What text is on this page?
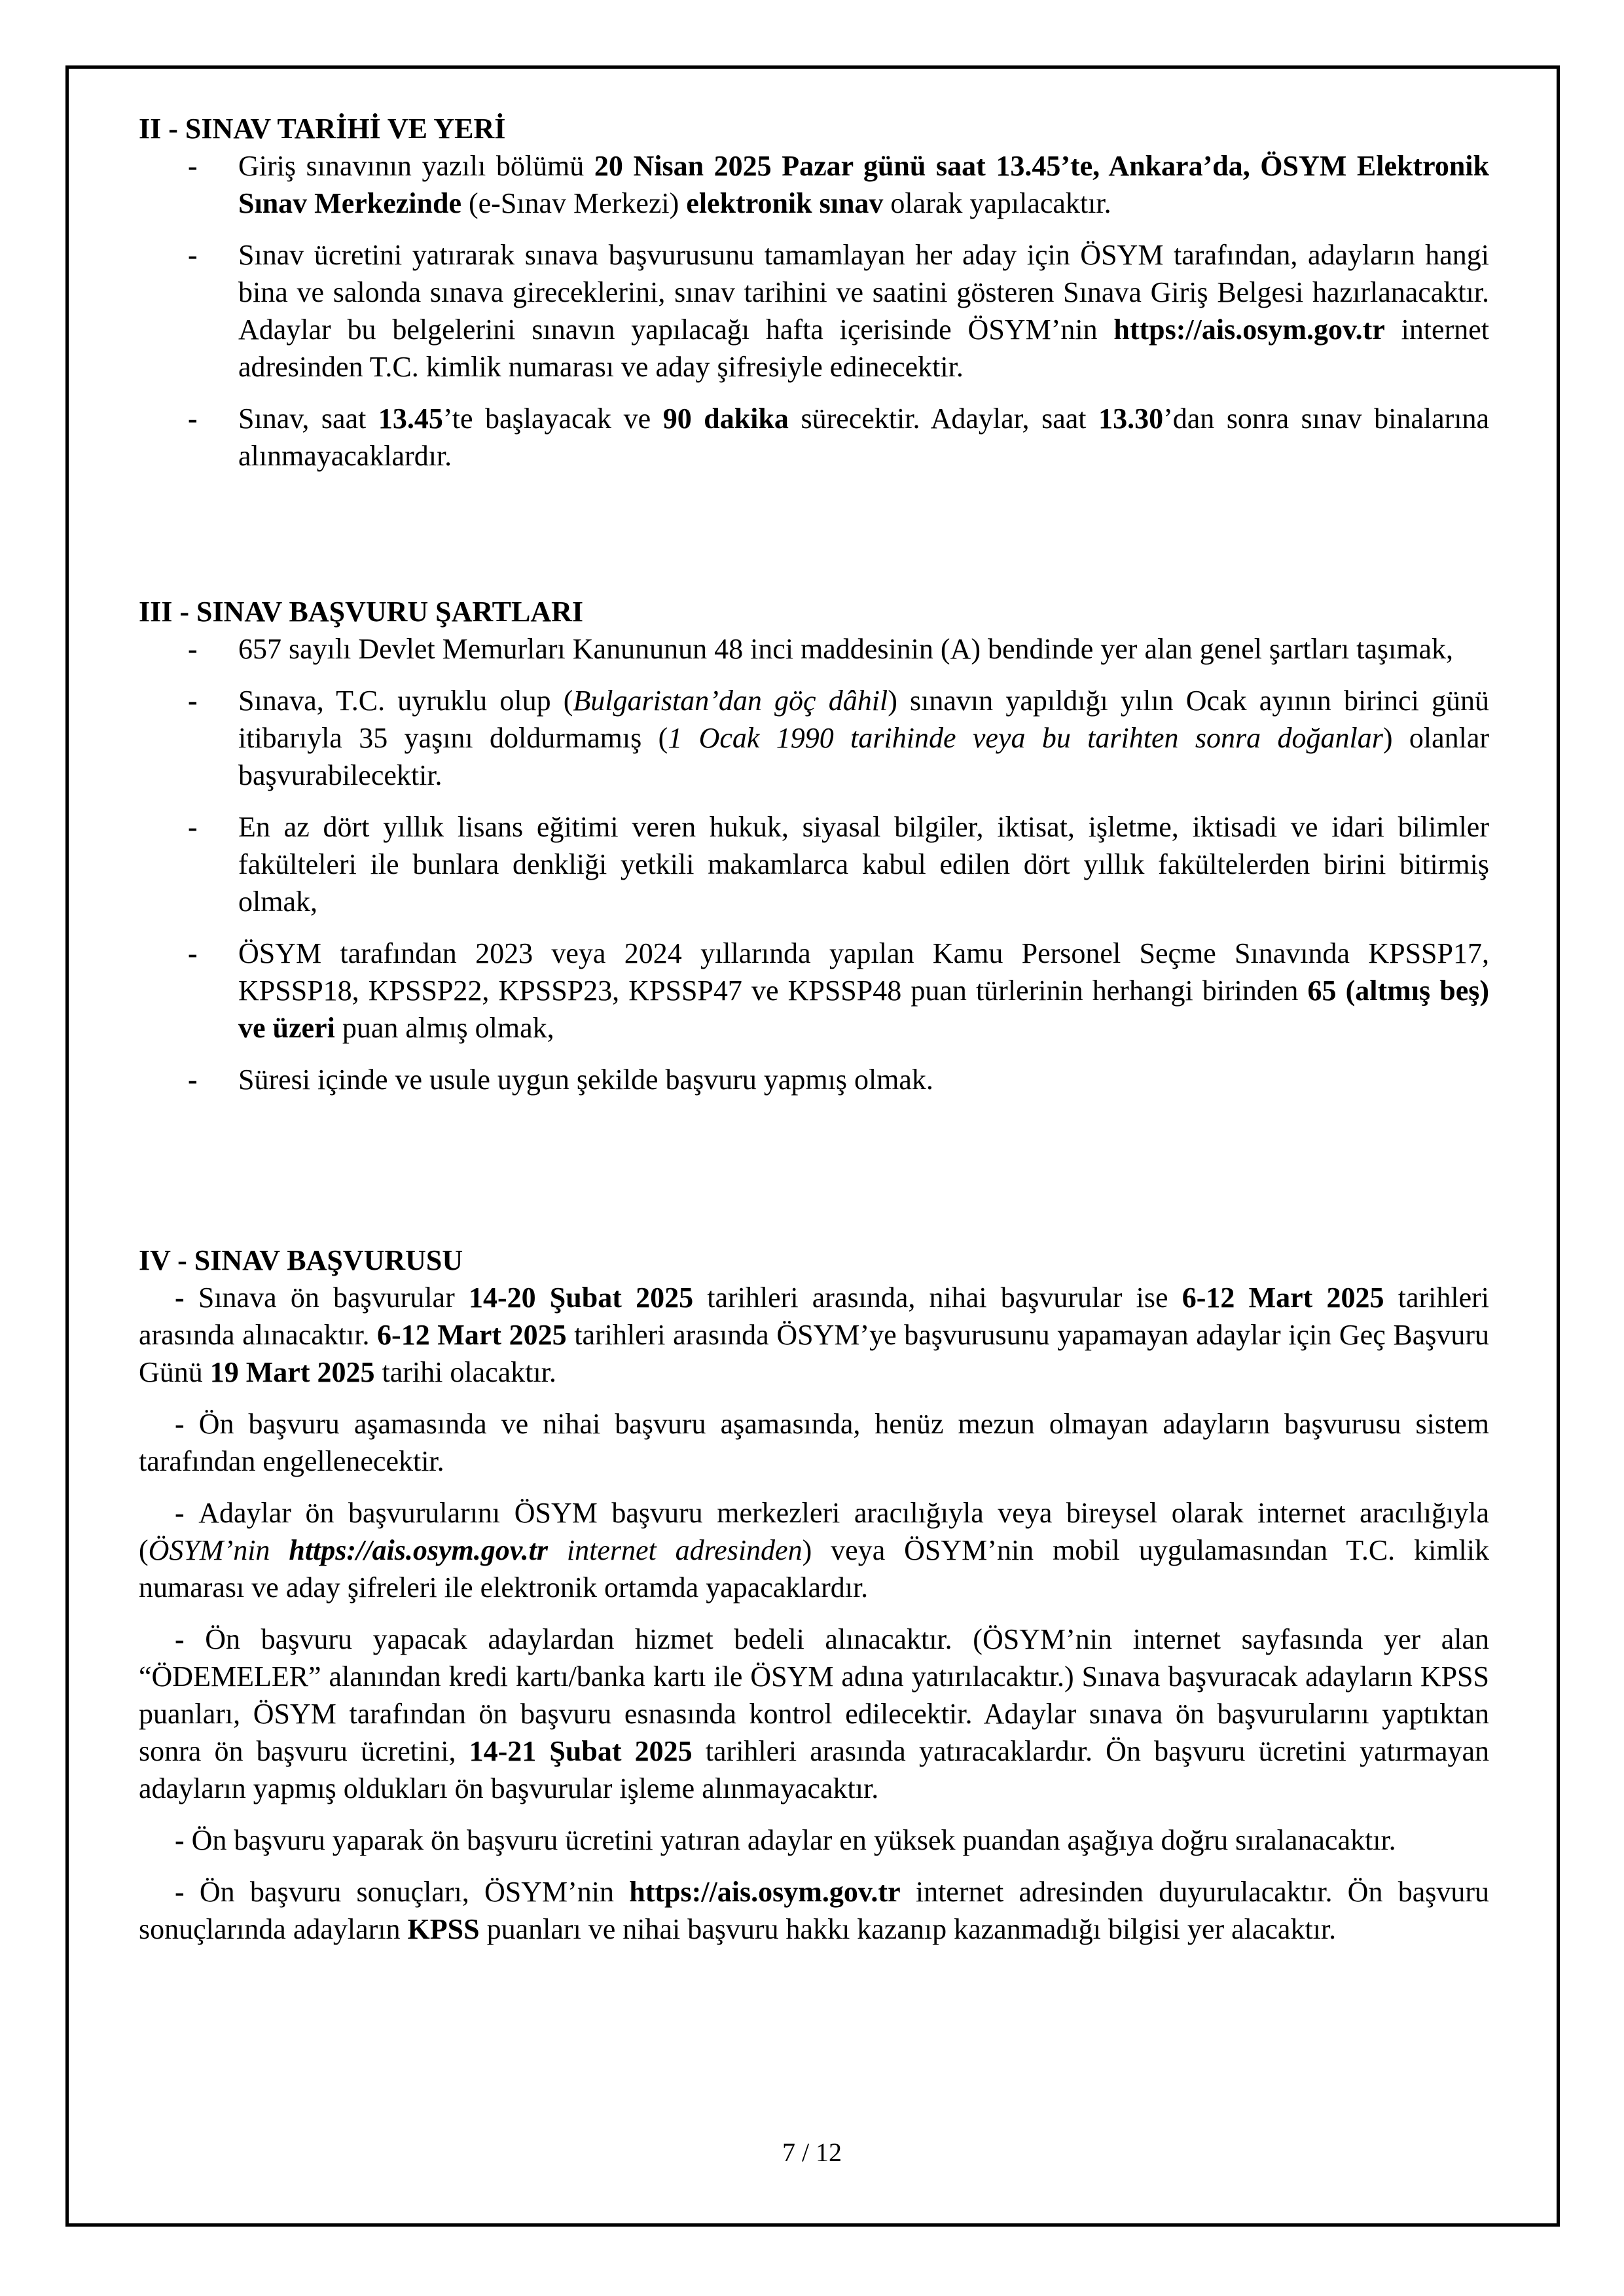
II - SINAV TARİHİ VE YERİ
- Giriş sınavının yazılı bölümü 20 Nisan 2025 Pazar günü saat 13.45’te, Ankara’da, ÖSYM Elektronik Sınav Merkezinde (e-Sınav Merkezi) elektronik sınav olarak yapılacaktır.
- Sınav ücretini yatırarak sınava başvurusunu tamamlayan her aday için ÖSYM tarafından, adayların hangi bina ve salonda sınava gireceklerini, sınav tarihini ve saatini gösteren Sınava Giriş Belgesi hazırlanacaktır. Adaylar bu belgelerini sınavın yapılacağı hafta içerisinde ÖSYM’nin https://ais.osym.gov.tr internet adresinden T.C. kimlik numarası ve aday şifresiyle edinecektir.
- Sınav, saat 13.45’te başlayacak ve 90 dakika sürecektir. Adaylar, saat 13.30’dan sonra sınav binalarına alınmayacaklardır.
III - SINAV BAŞVURU ŞARTLARI
- 657 sayılı Devlet Memurları Kanununun 48 inci maddesinin (A) bendinde yer alan genel şartları taşımak,
- Sınava, T.C. uyruklu olup (Bulgaristan’dan göç dâhil) sınavın yapıldığı yılın Ocak ayının birinci günü itibarıyla 35 yaşını doldurmamış (1 Ocak 1990 tarihinde veya bu tarihten sonra doğanlar) olanlar başvurabilecektir.
- En az dört yıllık lisans eğitimi veren hukuk, siyasal bilgiler, iktisat, işletme, iktisadi ve idari bilimler fakülteleri ile bunlara denkliği yetkili makamlarca kabul edilen dört yıllık fakültelerden birini bitirmiş olmak,
- ÖSYM tarafından 2023 veya 2024 yıllarında yapılan Kamu Personel Seçme Sınavında KPSSP17, KPSSP18, KPSSP22, KPSSP23, KPSSP47 ve KPSSP48 puan türlerinin herhangi birinden 65 (altmış beş) ve üzeri puan almış olmak,
- Süresi içinde ve usule uygun şekilde başvuru yapmış olmak.
IV - SINAV BAŞVURUSU

- Sınava ön başvurular 14-20 Şubat 2025 tarihleri arasında, nihai başvurular ise 6-12 Mart 2025 tarihleri arasında alınacaktır. 6-12 Mart 2025 tarihleri arasında ÖSYM’ye başvurusunu yapamayan adaylar için Geç Başvuru Günü 19 Mart 2025 tarihi olacaktır.

- Ön başvuru aşamasında ve nihai başvuru aşamasında, henüz mezun olmayan adayların başvurusu sistem tarafından engellenecektir.

- Adaylar ön başvurularını ÖSYM başvuru merkezleri aracılığıyla veya bireysel olarak internet aracılığıyla (ÖSYM’nin https://ais.osym.gov.tr internet adresinden) veya ÖSYM’nin mobil uygulamasından T.C. kimlik numarası ve aday şifreleri ile elektronik ortamda yapacaklardır.

- Ön başvuru yapacak adaylardan hizmet bedeli alınacaktır. (ÖSYM’nin internet sayfasında yer alan “ÖDEMELER” alanından kredi kartı/banka kartı ile ÖSYM adına yatırılacaktır.) Sınava başvuracak adayların KPSS puanları, ÖSYM tarafından ön başvuru esnasında kontrol edilecektir. Adaylar sınava ön başvurularını yaptıktan sonra ön başvuru ücretini, 14-21 Şubat 2025 tarihleri arasında yatıracaklardır. Ön başvuru ücretini yatırmayan adayların yapmış oldukları ön başvurular işleme alınmayacaktır.

- Ön başvuru yaparak ön başvuru ücretini yatıran adaylar en yüksek puandan aşağıya doğru sıralanacaktır.

- Ön başvuru sonuçları, ÖSYM’nin https://ais.osym.gov.tr internet adresinden duyurulacaktır. Ön başvuru sonuçlarında adayların KPSS puanları ve nihai başvuru hakkı kazanıp kazanmadığı bilgisi yer alacaktır.

7 / 12
